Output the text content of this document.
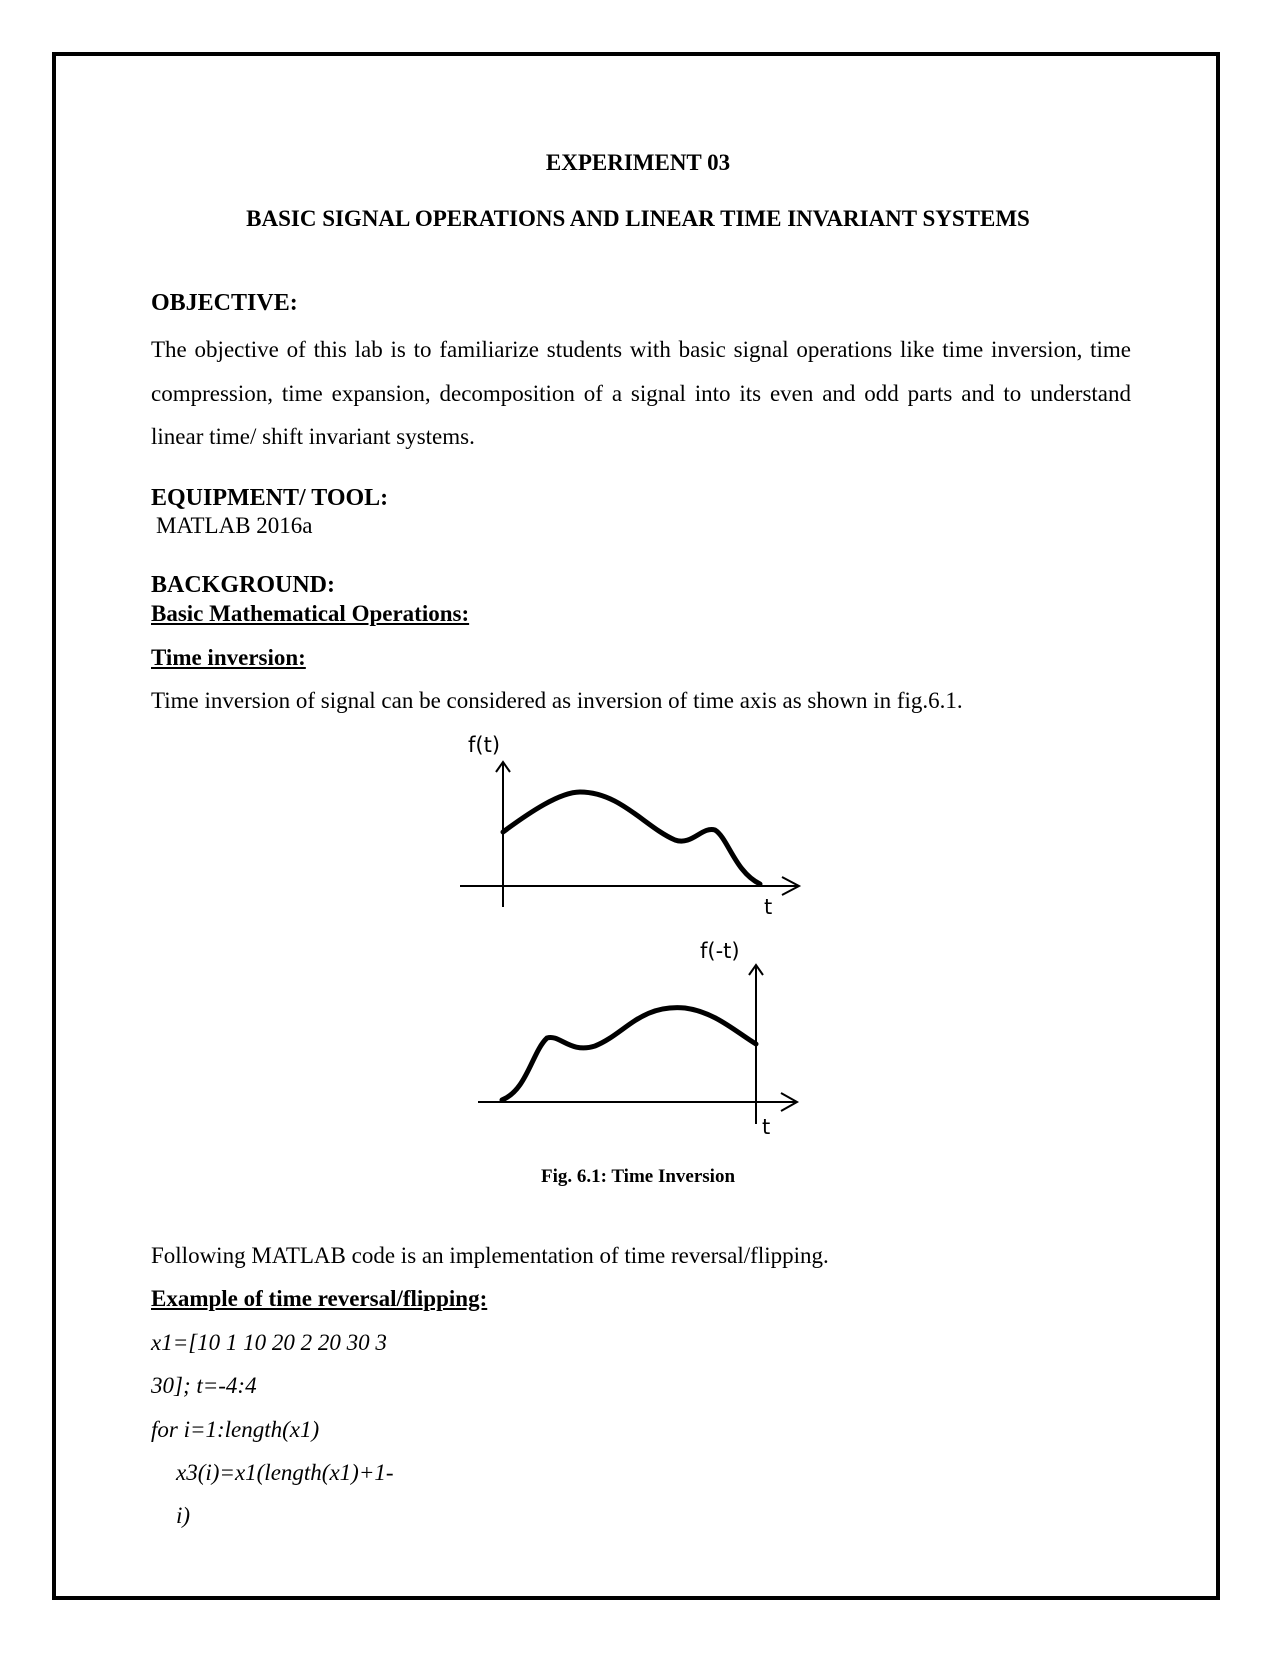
EXPERIMENT 03

BASIC SIGNAL OPERATIONS AND LINEAR TIME INVARIANT SYSTEMS

OBJECTIVE:

The objective of this lab is to familiarize students with basic signal operations like time inversion, time compression, time expansion, decomposition of a signal into its even and odd parts and to understand linear time/ shift invariant systems.

EQUIPMENT/ TOOL:

MATLAB 2016a

BACKGROUND:

Basic Mathematical Operations:

Time inversion:

Time inversion of signal can be considered as inversion of time axis as shown in fig.6.1.

f(t)
t
f(-t)
t

Fig. 6.1: Time Inversion

Following MATLAB code is an implementation of time reversal/flipping.

Example of time reversal/flipping:

x1=[10 1 10 20 2 20 30 3

30]; t=-4:4

for i=1:length(x1)

x3(i)=x1(length(x1)+1-

i)
